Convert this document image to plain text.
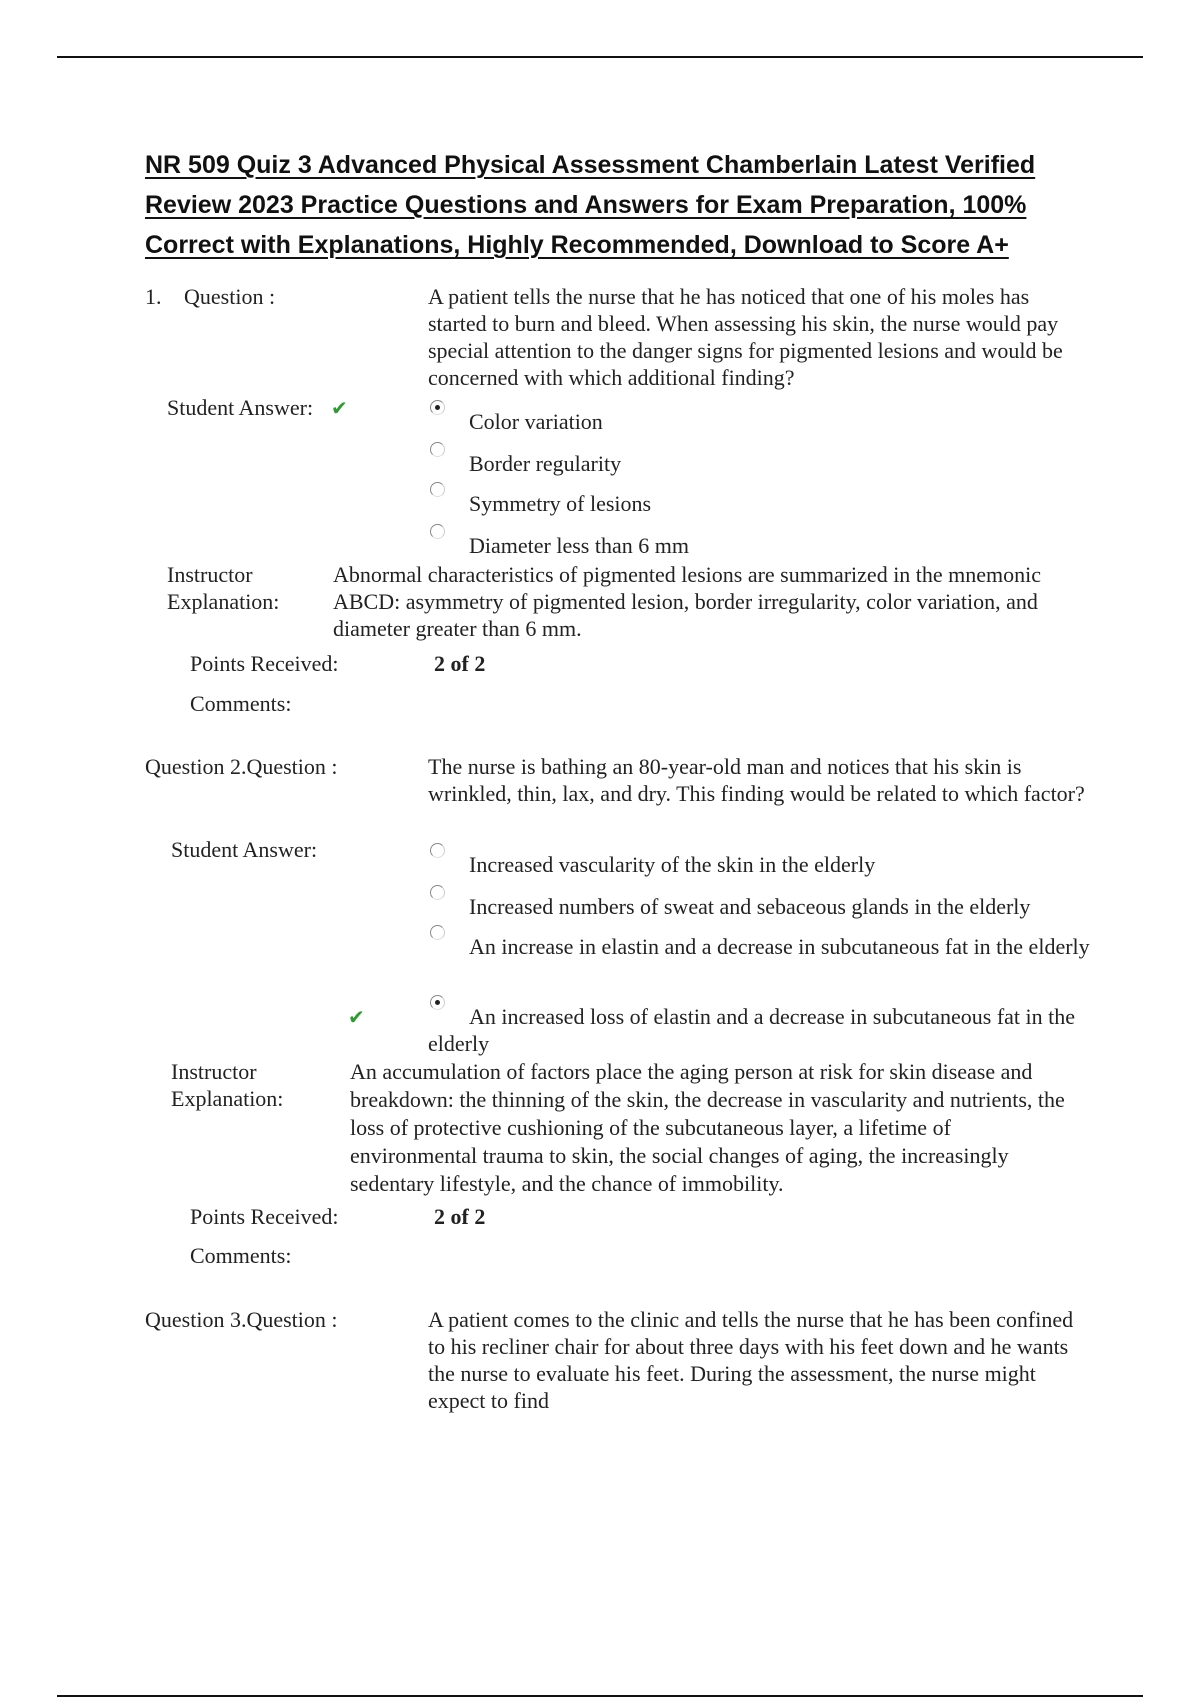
NR 509 Quiz 3 Advanced Physical Assessment Chamberlain Latest Verified
Review 2023 Practice Questions and Answers for Exam Preparation, 100%
Correct with Explanations, Highly Recommended, Download to Score A+
1. Question :	A patient tells the nurse that he has noticed that one of his moles has started to burn and bleed. When assessing his skin, the nurse would pay special attention to the danger signs for pigmented lesions and would be concerned with which additional finding?
Student Answer: ✔
Color variation
Border regularity
Symmetry of lesions
Diameter less than 6 mm
Instructor
Explanation:
Abnormal characteristics of pigmented lesions are summarized in the mnemonic ABCD: asymmetry of pigmented lesion, border irregularity, color variation, and diameter greater than 6 mm.
Points Received:	2 of 2
Comments:
Question 2.Question :	The nurse is bathing an 80-year-old man and notices that his skin is wrinkled, thin, lax, and dry. This finding would be related to which factor?
Student Answer:
Increased vascularity of the skin in the elderly
Increased numbers of sweat and sebaceous glands in the elderly
An increase in elastin and a decrease in subcutaneous fat in the elderly
✔	An increased loss of elastin and a decrease in subcutaneous fat in the elderly
Instructor
Explanation:
An accumulation of factors place the aging person at risk for skin disease and breakdown: the thinning of the skin, the decrease in vascularity and nutrients, the loss of protective cushioning of the subcutaneous layer, a lifetime of environmental trauma to skin, the social changes of aging, the increasingly sedentary lifestyle, and the chance of immobility.
Points Received:	2 of 2
Comments:
Question 3.Question :	A patient comes to the clinic and tells the nurse that he has been confined to his recliner chair for about three days with his feet down and he wants the nurse to evaluate his feet. During the assessment, the nurse might expect to find
